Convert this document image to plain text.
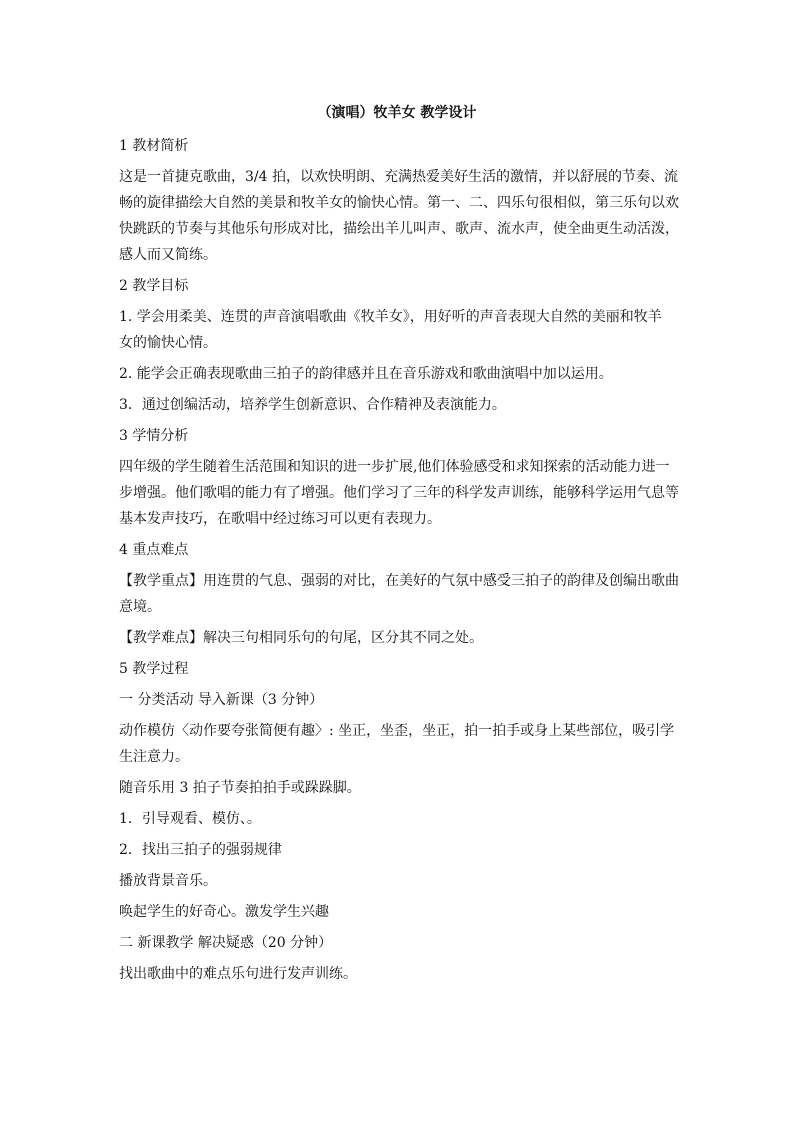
（演唱）牧羊女 教学设计
1 教材简析
这是一首捷克歌曲，3/4 拍，以欢快明朗、充满热爱美好生活的激情，并以舒展的节奏、流
畅的旋律描绘大自然的美景和牧羊女的愉快心情。第一、二、四乐句很相似，第三乐句以欢
快跳跃的节奏与其他乐句形成对比，描绘出羊儿叫声、歌声、流水声，使全曲更生动活泼，
感人而又简练。
2 教学目标
1. 学会用柔美、连贯的声音演唱歌曲《牧羊女》，用好听的声音表现大自然的美丽和牧羊
女的愉快心情。
2. 能学会正确表现歌曲三拍子的韵律感并且在音乐游戏和歌曲演唱中加以运用。
3．通过创编活动，培养学生创新意识、合作精神及表演能力。
3 学情分析
四年级的学生随着生活范围和知识的进一步扩展,他们体验感受和求知探索的活动能力进一
步增强。他们歌唱的能力有了增强。他们学习了三年的科学发声训练，能够科学运用气息等
基本发声技巧，在歌唱中经过练习可以更有表现力。
4 重点难点
【教学重点】用连贯的气息、强弱的对比，在美好的气氛中感受三拍子的韵律及创编出歌曲
意境。
【教学难点】解决三句相同乐句的句尾，区分其不同之处。
5 教学过程
一 分类活动 导入新课（3 分钟）
动作模仿〈动作要夸张简便有趣〉: 坐正，坐歪，坐正，拍一拍手或身上某些部位，吸引学
生注意力。
随音乐用 3 拍子节奏拍拍手或跺跺脚。
1．引导观看、模仿、。
2．找出三拍子的强弱规律
播放背景音乐。
唤起学生的好奇心。激发学生兴趣
二 新课教学 解决疑惑（20 分钟）
找出歌曲中的难点乐句进行发声训练。
